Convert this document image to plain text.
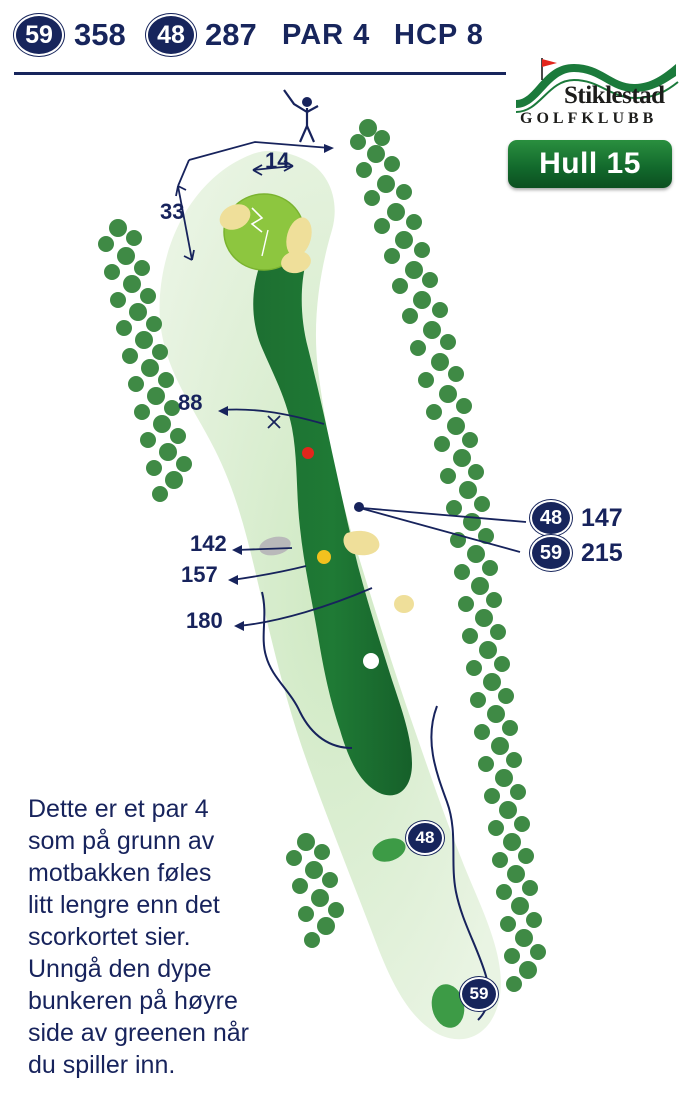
59 358 48 287 PAR 4 HCP 8
Stiklestad
GOLFKLUBB
Hull 15
14
33
88
142
157
180
48 147
59 215
48
59
Dette er et par 4
som på grunn av
motbakken føles
litt lengre enn det
scorkortet sier.
Unngå den dype
bunkeren på høyre
side av greenen når
du spiller inn.
